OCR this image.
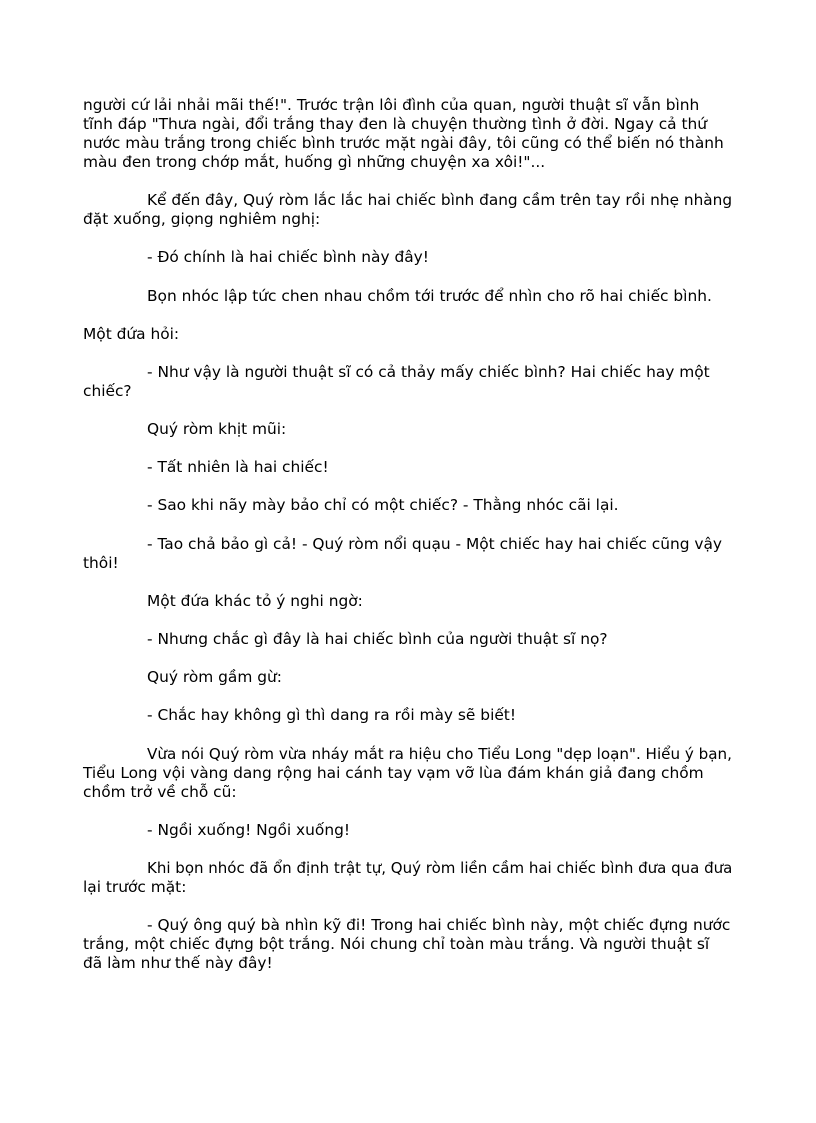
người cứ lải nhải mãi thế!". Trước trận lôi đình của quan, người thuật sĩ vẫn bình

tĩnh đáp "Thưa ngài, đổi trắng thay đen là chuyện thường tình ở đời. Ngay cả thứ

nước màu trắng trong chiếc bình trước mặt ngài đây, tôi cũng có thể biến nó thành

màu đen trong chớp mắt, huống gì những chuyện xa xôi!"...

Kể đến đây, Quý ròm lắc lắc hai chiếc bình đang cầm trên tay rồi nhẹ nhàng

đặt xuống, giọng nghiêm nghị:

- Đó chính là hai chiếc bình này đây!

Bọn nhóc lập tức chen nhau chồm tới trước để nhìn cho rõ hai chiếc bình.

Một đứa hỏi:

- Như vậy là người thuật sĩ có cả thảy mấy chiếc bình? Hai chiếc hay một

chiếc?

Quý ròm khịt mũi:

- Tất nhiên là hai chiếc!

- Sao khi nãy mày bảo chỉ có một chiếc? - Thằng nhóc cãi lại.

- Tao chả bảo gì cả! - Quý ròm nổi quạu - Một chiếc hay hai chiếc cũng vậy

thôi!

Một đứa khác tỏ ý nghi ngờ:

- Nhưng chắc gì đây là hai chiếc bình của người thuật sĩ nọ?

Quý ròm gầm gừ:

- Chắc hay không gì thì dang ra rồi mày sẽ biết!

Vừa nói Quý ròm vừa nháy mắt ra hiệu cho Tiểu Long "dẹp loạn". Hiểu ý bạn,

Tiểu Long vội vàng dang rộng hai cánh tay vạm vỡ lùa đám khán giả đang chồm

chồm trở về chỗ cũ:

- Ngồi xuống! Ngồi xuống!

Khi bọn nhóc đã ổn định trật tự, Quý ròm liền cầm hai chiếc bình đưa qua đưa

lại trước mặt:

- Quý ông quý bà nhìn kỹ đi! Trong hai chiếc bình này, một chiếc đựng nước

trắng, một chiếc đựng bột trắng. Nói chung chỉ toàn màu trắng. Và người thuật sĩ

đã làm như thế này đây!
